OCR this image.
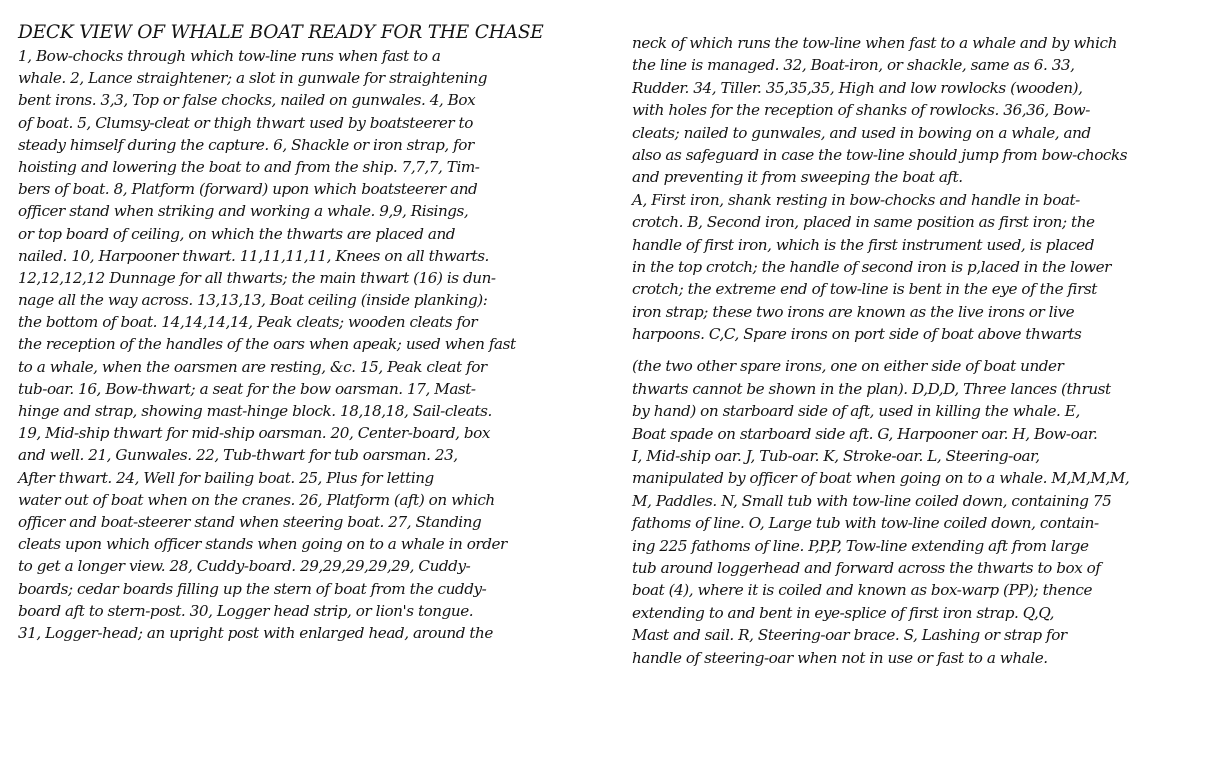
DECK VIEW OF WHALE BOAT READY FOR THE CHASE
1, Bow-chocks through which tow-line runs when fast to a
whale. 2, Lance straightener; a slot in gunwale for straightening
bent irons. 3,3, Top or false chocks, nailed on gunwales. 4, Box
of boat. 5, Clumsy-cleat or thigh thwart used by boatsteerer to
steady himself during the capture. 6, Shackle or iron strap, for
hoisting and lowering the boat to and from the ship. 7,7,7, Tim-
bers of boat. 8, Platform (forward) upon which boatsteerer and
officer stand when striking and working a whale. 9,9, Risings,
or top board of ceiling, on which the thwarts are placed and
nailed. 10, Harpooner thwart. 11,11,11,11, Knees on all thwarts.
12,12,12,12 Dunnage for all thwarts; the main thwart (16) is dun-
nage all the way across. 13,13,13, Boat ceiling (inside planking):
the bottom of boat. 14,14,14,14, Peak cleats; wooden cleats for
the reception of the handles of the oars when apeak; used when fast
to a whale, when the oarsmen are resting, &c. 15, Peak cleat for
tub-oar. 16, Bow-thwart; a seat for the bow oarsman. 17, Mast-
hinge and strap, showing mast-hinge block. 18,18,18, Sail-cleats.
19, Mid-ship thwart for mid-ship oarsman. 20, Center-board, box
and well. 21, Gunwales. 22, Tub-thwart for tub oarsman. 23,
After thwart. 24, Well for bailing boat. 25, Plus for letting
water out of boat when on the cranes. 26, Platform (aft) on which
officer and boat-steerer stand when steering boat. 27, Standing
cleats upon which officer stands when going on to a whale in order
to get a longer view. 28, Cuddy-board. 29,29,29,29,29, Cuddy-
boards; cedar boards filling up the stern of boat from the cuddy-
board aft to stern-post. 30, Logger head strip, or lion's tongue.
31, Logger-head; an upright post with enlarged head, around the
neck of which runs the tow-line when fast to a whale and by which
the line is managed. 32, Boat-iron, or shackle, same as 6. 33,
Rudder. 34, Tiller. 35,35,35, High and low rowlocks (wooden),
with holes for the reception of shanks of rowlocks. 36,36, Bow-
cleats; nailed to gunwales, and used in bowing on a whale, and
also as safeguard in case the tow-line should jump from bow-chocks
and preventing it from sweeping the boat aft.
A, First iron, shank resting in bow-chocks and handle in boat-
crotch. B, Second iron, placed in same position as first iron; the
handle of first iron, which is the first instrument used, is placed
in the top crotch; the handle of second iron is p,laced in the lower
crotch; the extreme end of tow-line is bent in the eye of the first
iron strap; these two irons are known as the live irons or live
harpoons. C,C, Spare irons on port side of boat above thwarts
(the two other spare irons, one on either side of boat under
thwarts cannot be shown in the plan). D,D,D, Three lances (thrust
by hand) on starboard side of aft, used in killing the whale. E,
Boat spade on starboard side aft. G, Harpooner oar. H, Bow-oar.
I, Mid-ship oar. J, Tub-oar. K, Stroke-oar. L, Steering-oar,
manipulated by officer of boat when going on to a whale. M,M,M,M,
M, Paddles. N, Small tub with tow-line coiled down, containing 75
fathoms of line. O, Large tub with tow-line coiled down, contain-
ing 225 fathoms of line. P,P,P, Tow-line extending aft from large
tub around loggerhead and forward across the thwarts to box of
boat (4), where it is coiled and known as box-warp (PP); thence
extending to and bent in eye-splice of first iron strap. Q,Q,
Mast and sail. R, Steering-oar brace. S, Lashing or strap for
handle of steering-oar when not in use or fast to a whale.
